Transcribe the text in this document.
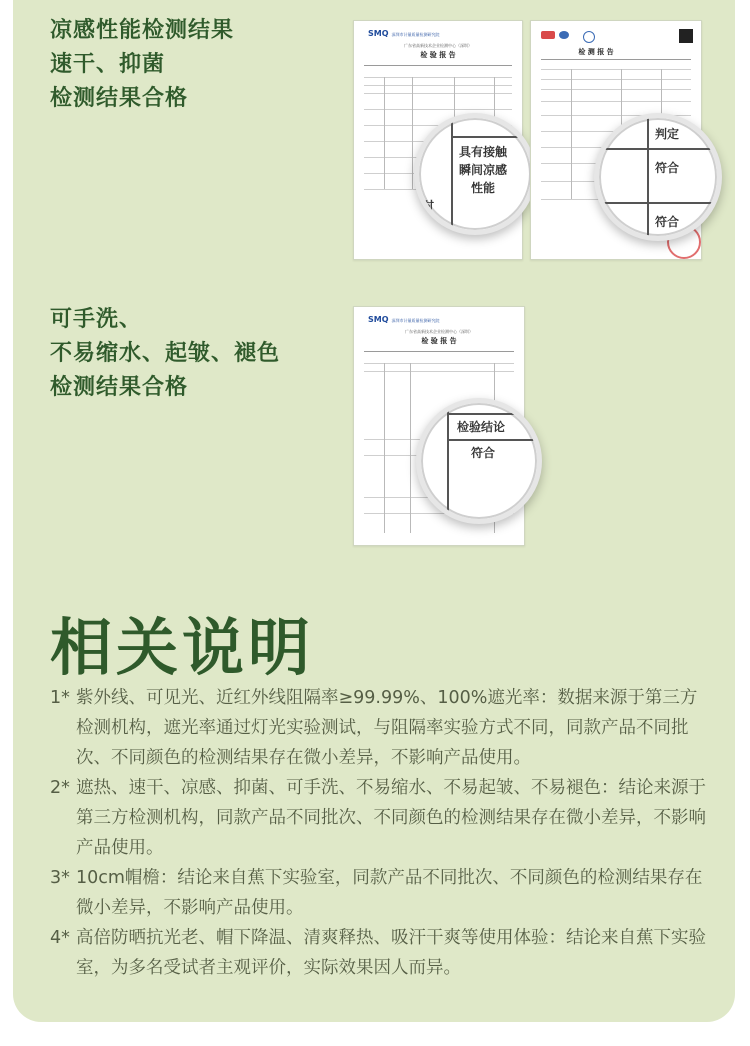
凉感性能检测结果
速干、抑菌
检测结果合格
SMQ 深圳市计量质量检测研究院
广东省高新技术企业检测中心（深圳）
检 验 报 告
时
具有接触
瞬间凉感
性能
检 测 报 告
判定
符合
符合
可手洗、
不易缩水、起皱、褪色
检测结果合格
SMQ 深圳市计量质量检测研究院
广东省高新技术企业检测中心（深圳）
检 验 报 告
检验结论
符合
相关说明
1* 紫外线、可见光、近红外线阻隔率≥99.99%、100%遮光率：数据来源于第三方检测机构，遮光率通过灯光实验测试，与阻隔率实验方式不同，同款产品不同批次、不同颜色的检测结果存在微小差异，不影响产品使用。
2* 遮热、速干、凉感、抑菌、可手洗、不易缩水、不易起皱、不易褪色：结论来源于第三方检测机构，同款产品不同批次、不同颜色的检测结果存在微小差异，不影响产品使用。
3* 10cm帽檐：结论来自蕉下实验室，同款产品不同批次、不同颜色的检测结果存在微小差异，不影响产品使用。
4* 高倍防晒抗光老、帽下降温、清爽释热、吸汗干爽等使用体验：结论来自蕉下实验室，为多名受试者主观评价，实际效果因人而异。
